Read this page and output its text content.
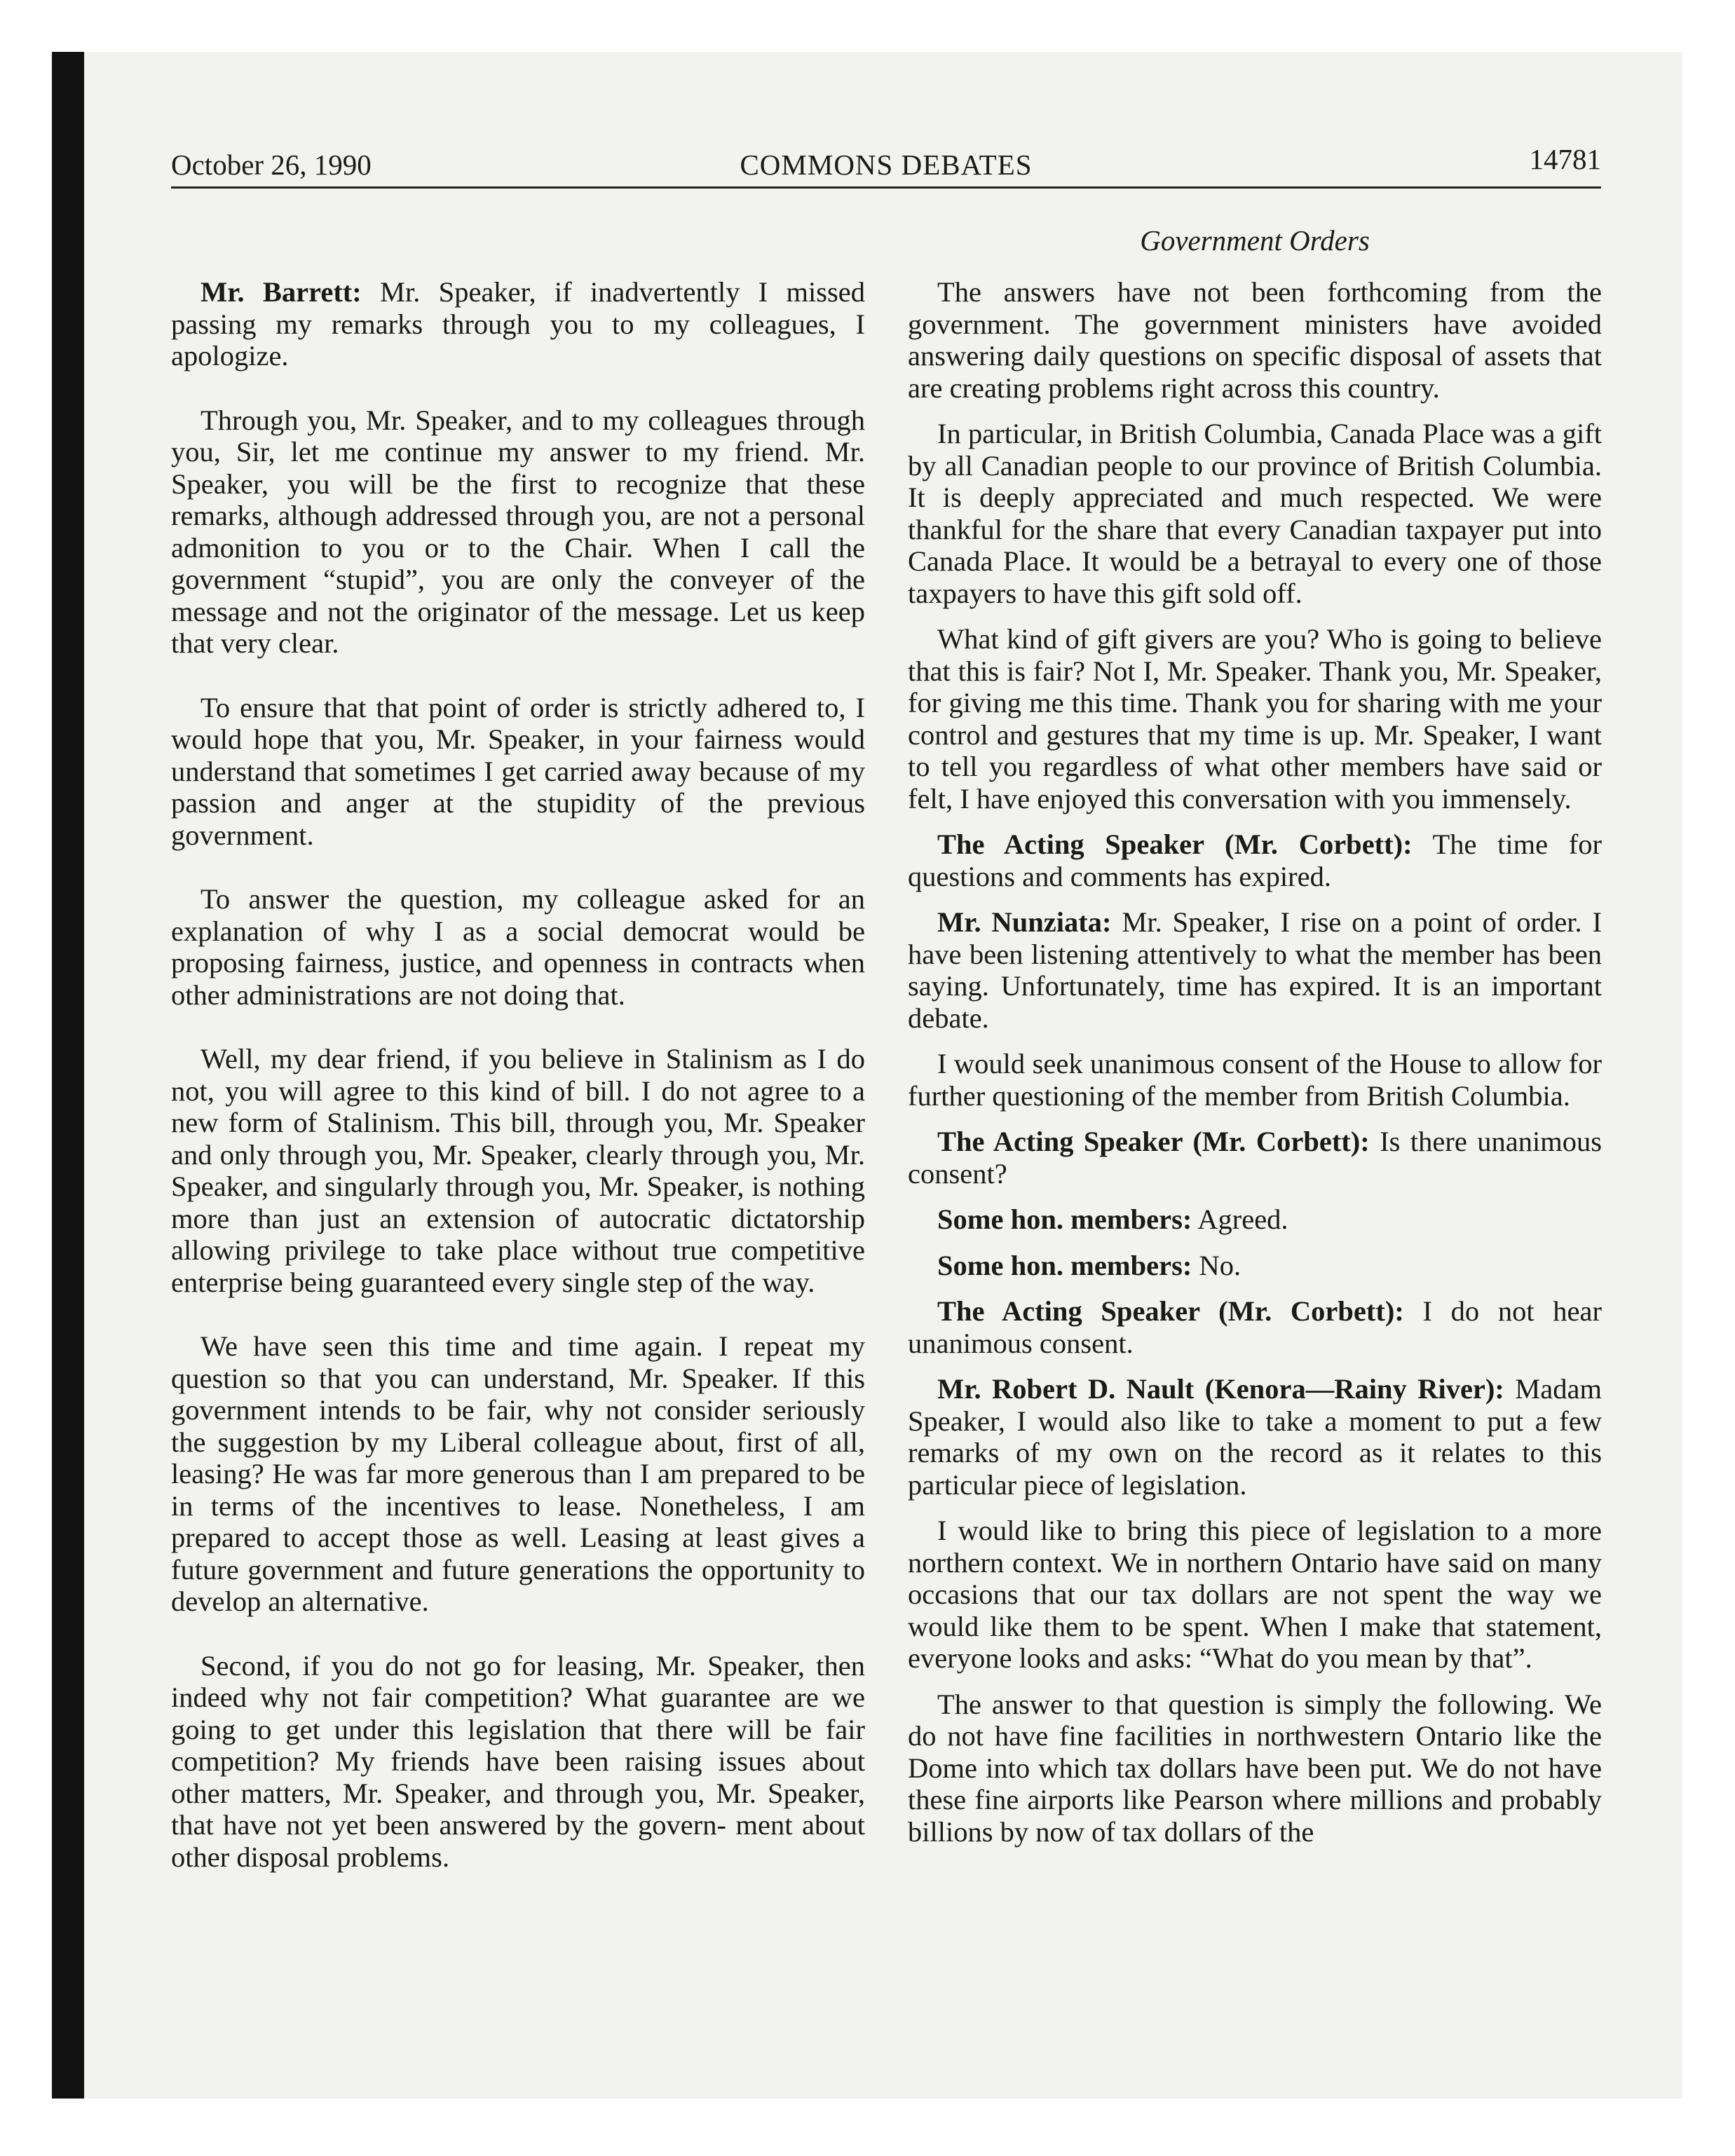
October 26, 1990	COMMONS DEBATES	14781
Government Orders

Mr. Barrett: Mr. Speaker, if inadvertently I missed passing my remarks through you to my colleagues, I apologize.

Through you, Mr. Speaker, and to my colleagues through you, Sir, let me continue my answer to my friend. Mr. Speaker, you will be the first to recognize that these remarks, although addressed through you, are not a personal admonition to you or to the Chair. When I call the government “stupid”, you are only the conveyer of the message and not the originator of the message. Let us keep that very clear.

To ensure that that point of order is strictly adhered to, I would hope that you, Mr. Speaker, in your fairness would understand that sometimes I get carried away because of my passion and anger at the stupidity of the previous government.

To answer the question, my colleague asked for an explanation of why I as a social democrat would be proposing fairness, justice, and openness in contracts when other administrations are not doing that.

Well, my dear friend, if you believe in Stalinism as I do not, you will agree to this kind of bill. I do not agree to a new form of Stalinism. This bill, through you, Mr. Speaker and only through you, Mr. Speaker, clearly through you, Mr. Speaker, and singularly through you, Mr. Speaker, is nothing more than just an extension of autocratic dictatorship allowing privilege to take place without true competitive enterprise being guaranteed every single step of the way.

We have seen this time and time again. I repeat my question so that you can understand, Mr. Speaker. If this government intends to be fair, why not consider seriously the suggestion by my Liberal colleague about, first of all, leasing? He was far more generous than I am prepared to be in terms of the incentives to lease. Nonetheless, I am prepared to accept those as well. Leasing at least gives a future government and future generations the opportunity to develop an alternative.

Second, if you do not go for leasing, Mr. Speaker, then indeed why not fair competition? What guarantee are we going to get under this legislation that there will be fair competition? My friends have been raising issues about other matters, Mr. Speaker, and through you, Mr. Speaker, that have not yet been answered by the govern- ment about other disposal problems.

The answers have not been forthcoming from the government. The government ministers have avoided answering daily questions on specific disposal of assets that are creating problems right across this country.

In particular, in British Columbia, Canada Place was a gift by all Canadian people to our province of British Columbia. It is deeply appreciated and much respected. We were thankful for the share that every Canadian taxpayer put into Canada Place. It would be a betrayal to every one of those taxpayers to have this gift sold off.

What kind of gift givers are you? Who is going to believe that this is fair? Not I, Mr. Speaker. Thank you, Mr. Speaker, for giving me this time. Thank you for sharing with me your control and gestures that my time is up. Mr. Speaker, I want to tell you regardless of what other members have said or felt, I have enjoyed this conversation with you immensely.

The Acting Speaker (Mr. Corbett): The time for questions and comments has expired.

Mr. Nunziata: Mr. Speaker, I rise on a point of order. I have been listening attentively to what the member has been saying. Unfortunately, time has expired. It is an important debate.

I would seek unanimous consent of the House to allow for further questioning of the member from British Columbia.

The Acting Speaker (Mr. Corbett): Is there unanimous consent?

Some hon. members: Agreed.

Some hon. members: No.

The Acting Speaker (Mr. Corbett): I do not hear unanimous consent.

Mr. Robert D. Nault (Kenora—Rainy River): Madam Speaker, I would also like to take a moment to put a few remarks of my own on the record as it relates to this particular piece of legislation.

I would like to bring this piece of legislation to a more northern context. We in northern Ontario have said on many occasions that our tax dollars are not spent the way we would like them to be spent. When I make that statement, everyone looks and asks: “What do you mean by that”.

The answer to that question is simply the following. We do not have fine facilities in northwestern Ontario like the Dome into which tax dollars have been put. We do not have these fine airports like Pearson where millions and probably billions by now of tax dollars of the
